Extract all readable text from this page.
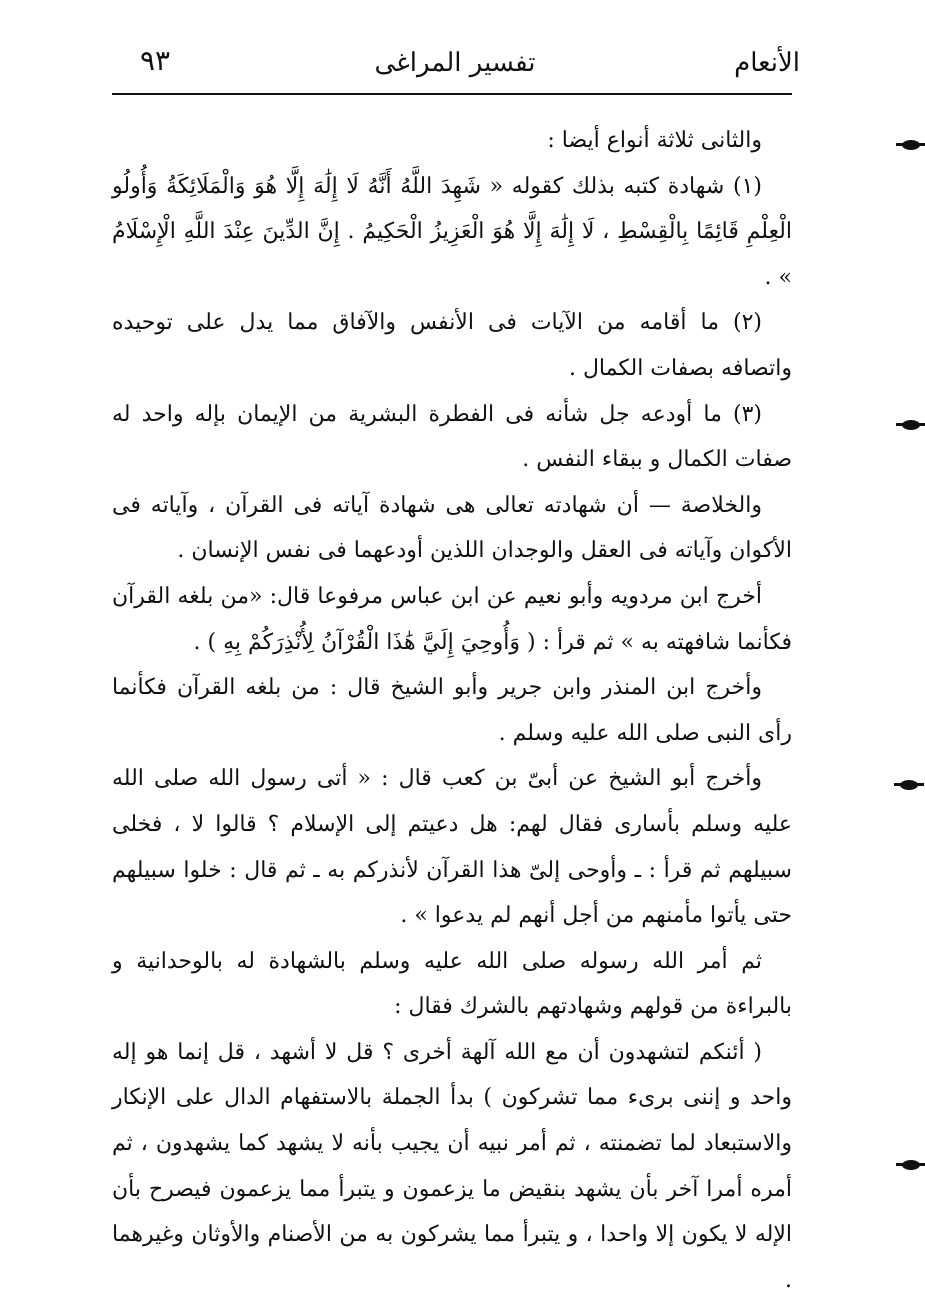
الأنعام
تفسير المراغى
٩٣

والثانى ثلاثة أنواع أيضا :

(١) شهادة كتبه بذلك كقوله « شَهِدَ اللَّهُ أَنَّهُ لَا إِلَٰهَ إِلَّا هُوَ وَالْمَلَائِكَةُ وَأُولُو الْعِلْمِ قَائِمًا بِالْقِسْطِ ، لَا إِلَٰهَ إِلَّا هُوَ الْعَزِيزُ الْحَكِيمُ . إِنَّ الدِّينَ عِنْدَ اللَّهِ الْإِسْلَامُ » .

(٢) ما أقامه من الآيات فى الأنفس والآفاق مما يدل على توحيده واتصافه بصفات الكمال .

(٣) ما أودعه جل شأنه فى الفطرة البشرية من الإيمان بإله واحد له صفات الكمال و ببقاء النفس .

والخلاصة — أن شهادته تعالى هى شهادة آياته فى القرآن ، وآياته فى الأكوان وآياته فى العقل والوجدان اللذين أودعهما فى نفس الإنسان .

أخرج ابن مردويه وأبو نعيم عن ابن عباس مرفوعا قال: «من بلغه القرآن فكأنما شافهته به » ثم قرأ : ( وَأُوحِيَ إِلَيَّ هَٰذَا الْقُرْآنُ لِأُنْذِرَكُمْ بِهِ ) .

وأخرج ابن المنذر وابن جرير وأبو الشيخ قال : من بلغه القرآن فكأنما رأى النبى صلى الله عليه وسلم .

وأخرج أبو الشيخ عن أبىّ بن كعب قال : « أتى رسول الله صلى الله عليه وسلم بأسارى فقال لهم: هل دعيتم إلى الإسلام ؟ قالوا لا ، فخلى سبيلهم ثم قرأ : ـ وأوحى إلىّ هذا القرآن لأنذركم به ـ ثم قال : خلوا سبيلهم حتى يأتوا مأمنهم من أجل أنهم لم يدعوا » .

ثم أمر الله رسوله صلى الله عليه وسلم بالشهادة له بالوحدانية و بالبراءة من قولهم وشهادتهم بالشرك فقال :

( أئنكم لتشهدون أن مع الله آلهة أخرى ؟ قل لا أشهد ، قل إنما هو إله واحد و إننى برىء مما تشركون ) بدأ الجملة بالاستفهام الدال على الإنكار والاستبعاد لما تضمنته ، ثم أمر نبيه أن يجيب بأنه لا يشهد كما يشهدون ، ثم أمره أمرا آخر بأن يشهد بنقيض ما يزعمون و يتبرأ مما يزعمون فيصرح بأن الإله لا يكون إلا واحدا ، و يتبرأ مما يشركون به من الأصنام والأوثان وغيرهما .
